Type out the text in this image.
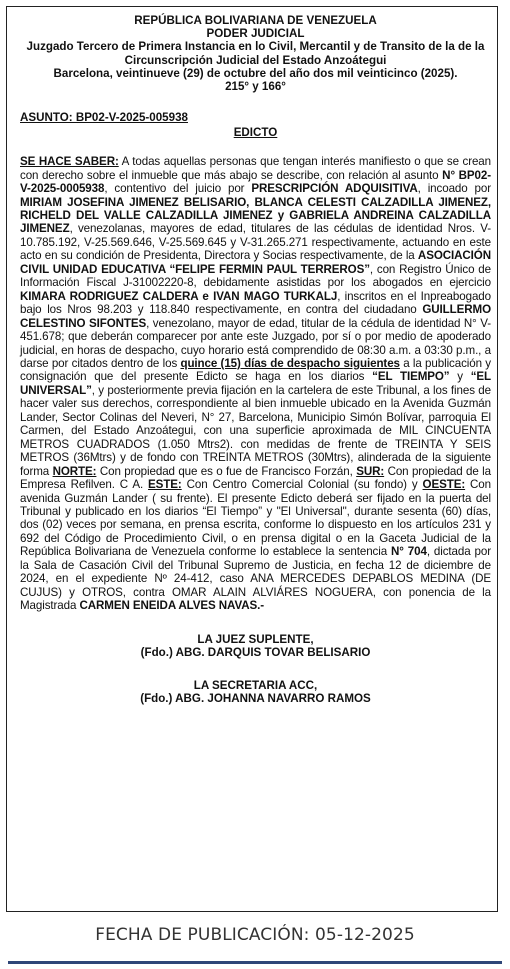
REPÚBLICA BOLIVARIANA DE VENEZUELA
PODER JUDICIAL
Juzgado Tercero de Primera Instancia en lo Civil, Mercantil y de Transito de la de la Circunscripción Judicial del Estado Anzoátegui
Barcelona, veintinueve (29) de octubre del año dos mil veinticinco (2025).
215° y 166°
ASUNTO: BP02-V-2025-005938
EDICTO
SE HACE SABER: A todas aquellas personas que tengan interés manifiesto o que se crean con derecho sobre el inmueble que más abajo se describe, con relación al asunto N° BP02-V-2025-0005938, contentivo del juicio por PRESCRIPCIÓN ADQUISITIVA, incoado por MIRIAM JOSEFINA JIMENEZ BELISARIO, BLANCA CELESTI CALZADILLA JIMENEZ, RICHELD DEL VALLE CALZADILLA JIMENEZ y GABRIELA ANDREINA CALZADILLA JIMENEZ, venezolanas, mayores de edad, titulares de las cédulas de identidad Nros. V-10.785.192, V-25.569.646, V-25.569.645 y V-31.265.271 respectivamente, actuando en este acto en su condición de Presidenta, Directora y Socias respectivamente, de la ASOCIACIÓN CIVIL UNIDAD EDUCATIVA “FELIPE FERMIN PAUL TERREROS”, con Registro Único de Información Fiscal J-31002220-8, debidamente asistidas por los abogados en ejercicio KIMARA RODRIGUEZ CALDERA e IVAN MAGO TURKALJ, inscritos en el Inpreabogado bajo los Nros 98.203 y 118.840 respectivamente, en contra del ciudadano GUILLERMO CELESTINO SIFONTES, venezolano, mayor de edad, titular de la cédula de identidad N° V-451.678; que deberán comparecer por ante este Juzgado, por sí o por medio de apoderado judicial, en horas de despacho, cuyo horario está comprendido de 08:30 a.m. a 03:30 p.m., a darse por citados dentro de los quince (15) días de despacho siguientes a la publicación y consignación que del presente Edicto se haga en los diarios “EL TIEMPO” y “EL UNIVERSAL”, y posteriormente previa fijación en la cartelera de este Tribunal, a los fines de hacer valer sus derechos, correspondiente al bien inmueble ubicado en la Avenida Guzmán Lander, Sector Colinas del Neveri, N° 27, Barcelona, Municipio Simón Bolívar, parroquia El Carmen, del Estado Anzoátegui, con una superficie aproximada de MIL CINCUENTA METROS CUADRADOS (1.050 Mtrs2). con medidas de frente de TREINTA Y SEIS METROS (36Mtrs) y de fondo con TREINTA METROS (30Mtrs), alinderada de la siguiente forma NORTE: Con propiedad que es o fue de Francisco Forzán, SUR: Con propiedad de la Empresa Refilven. C A. ESTE: Con Centro Comercial Colonial (su fondo) y OESTE: Con avenida Guzmán Lander ( su frente). El presente Edicto deberá ser fijado en la puerta del Tribunal y publicado en los diarios “El Tiempo” y "El Universal", durante sesenta (60) días, dos (02) veces por semana, en prensa escrita, conforme lo dispuesto en los artículos 231 y 692 del Código de Procedimiento Civil, o en prensa digital o en la Gaceta Judicial de la República Bolivariana de Venezuela conforme lo establece la sentencia N° 704, dictada por la Sala de Casación Civil del Tribunal Supremo de Justicia, en fecha 12 de diciembre de 2024, en el expediente Nº 24-412, caso ANA MERCEDES DEPABLOS MEDINA (DE CUJUS) y OTROS, contra OMAR ALAIN ALVIÁRES NOGUERA, con ponencia de la Magistrada CARMEN ENEIDA ALVES NAVAS.-
LA JUEZ SUPLENTE,
(Fdo.) ABG. DARQUIS TOVAR BELISARIO
LA SECRETARIA ACC,
(Fdo.) ABG. JOHANNA NAVARRO RAMOS
FECHA DE PUBLICACIÓN: 05-12-2025
